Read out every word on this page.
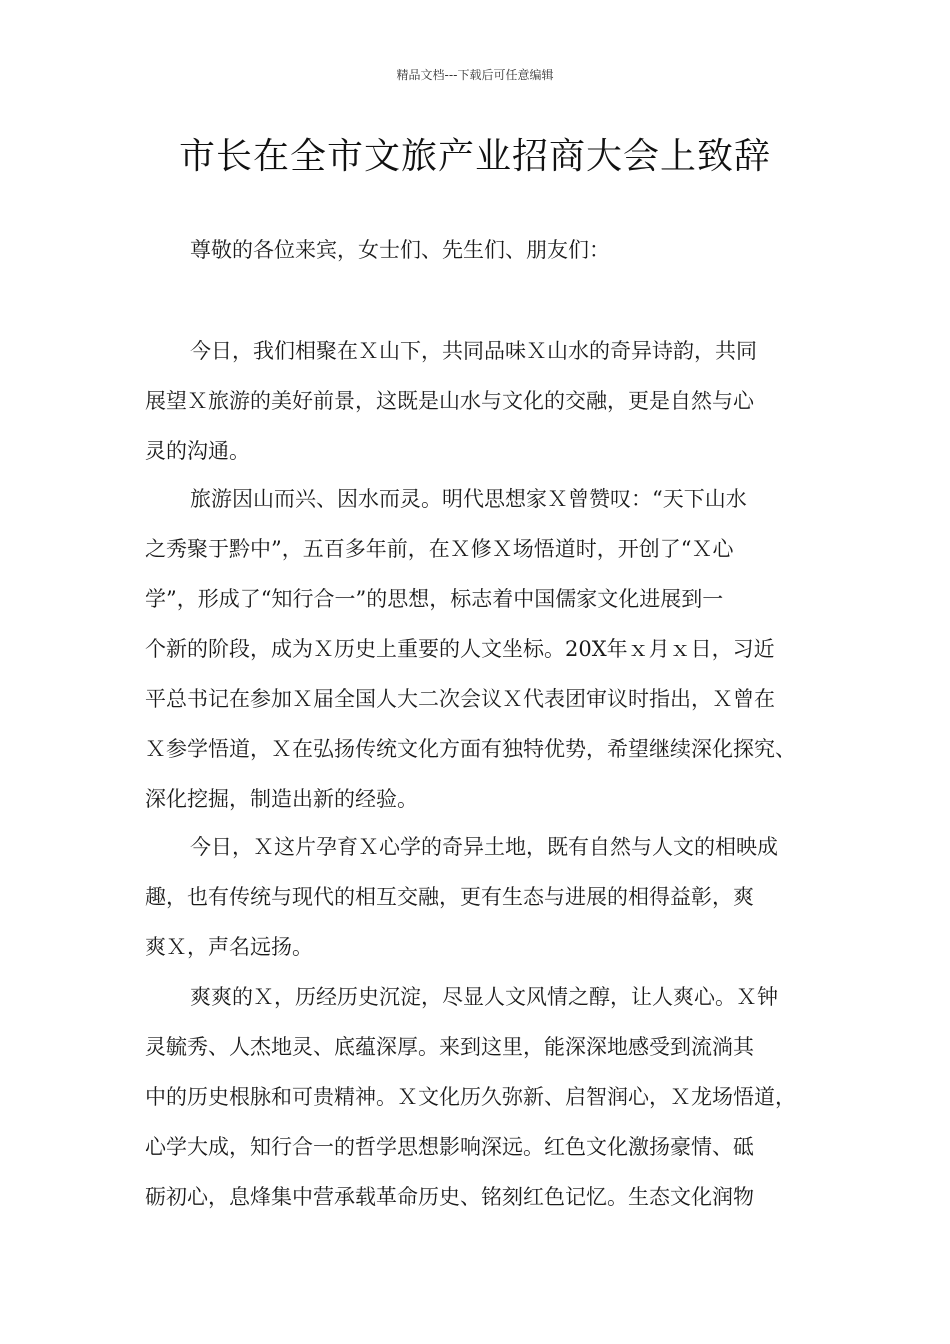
精品文档---下载后可任意编辑
市长在全市文旅产业招商大会上致辞
尊敬的各位来宾，女士们、先生们、朋友们：
今日，我们相聚在Ｘ山下，共同品味Ｘ山水的奇异诗韵，共同
展望Ｘ旅游的美好前景，这既是山水与文化的交融，更是自然与心
灵的沟通。
旅游因山而兴、因水而灵。明代思想家Ｘ曾赞叹：“天下山水
之秀聚于黔中”，五百多年前，在Ｘ修Ｘ场悟道时，开创了“Ｘ心
学”，形成了“知行合一”的思想，标志着中国儒家文化进展到一
个新的阶段，成为Ｘ历史上重要的人文坐标。20X年ｘ月ｘ日，习近
平总书记在参加Ｘ届全国人大二次会议Ｘ代表团审议时指出，Ｘ曾在
Ｘ参学悟道，Ｘ在弘扬传统文化方面有独特优势，希望继续深化探究、
深化挖掘，制造出新的经验。
今日，Ｘ这片孕育Ｘ心学的奇异土地，既有自然与人文的相映成
趣，也有传统与现代的相互交融，更有生态与进展的相得益彰，爽
爽Ｘ，声名远扬。
爽爽的Ｘ，历经历史沉淀，尽显人文风情之醇，让人爽心。Ｘ钟
灵毓秀、人杰地灵、底蕴深厚。来到这里，能深深地感受到流淌其
中的历史根脉和可贵精神。Ｘ文化历久弥新、启智润心，Ｘ龙场悟道，
心学大成，知行合一的哲学思想影响深远。红色文化激扬豪情、砥
砺初心，息烽集中营承载革命历史、铭刻红色记忆。生态文化润物
